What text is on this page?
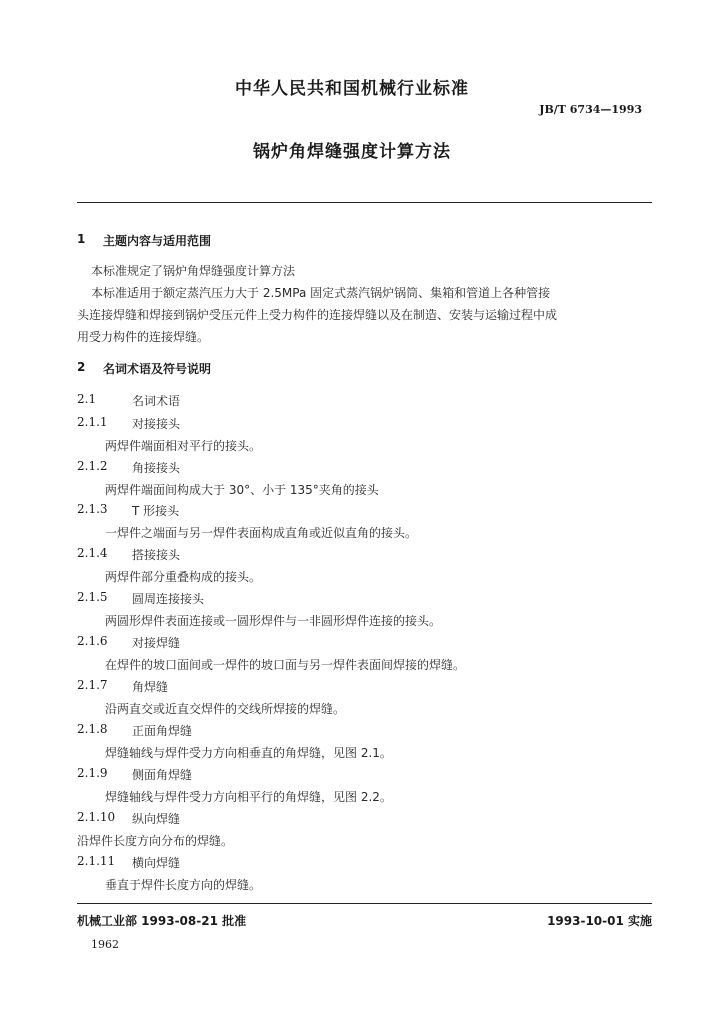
中华人民共和国机械行业标准
JB/T 6734—1993
锅炉角焊缝强度计算方法
1 主题内容与适用范围
本标准规定了锅炉角焊缝强度计算方法
本标准适用于额定蒸汽压力大于 2.5MPa 固定式蒸汽锅炉锅筒、集箱和管道上各种管接
头连接焊缝和焊接到锅炉受压元件上受力构件的连接焊缝以及在制造、安装与运输过程中成
用受力构件的连接焊缝。
2 名词术语及符号说明
2.1	名词术语
2.1.1 对接接头
两焊件端面相对平行的接头。
2.1.2 角接接头
两焊件端面间构成大于 30°、小于 135°夹角的接头
2.1.3 T 形接头
一焊件之端面与另一焊件表面构成直角或近似直角的接头。
2.1.4 搭接接头
两焊件部分重叠构成的接头。
2.1.5 圆周连接接头
两圆形焊件表面连接或一圆形焊件与一非圆形焊件连接的接头。
2.1.6 对接焊缝
在焊件的坡口面间或一焊件的坡口面与另一焊件表面间焊接的焊缝。
2.1.7 角焊缝
沿两直交或近直交焊件的交线所焊接的焊缝。
2.1.8 正面角焊缝
焊缝轴线与焊件受力方向相垂直的角焊缝，见图 2.1。
2.1.9 侧面角焊缝
焊缝轴线与焊件受力方向相平行的角焊缝，见图 2.2。
2.1.10 纵向焊缝
沿焊件长度方向分布的焊缝。
2.1.11 横向焊缝
垂直于焊件长度方向的焊缝。
机械工业部 1993-08-21 批准	1993-10-01 实施
1962
